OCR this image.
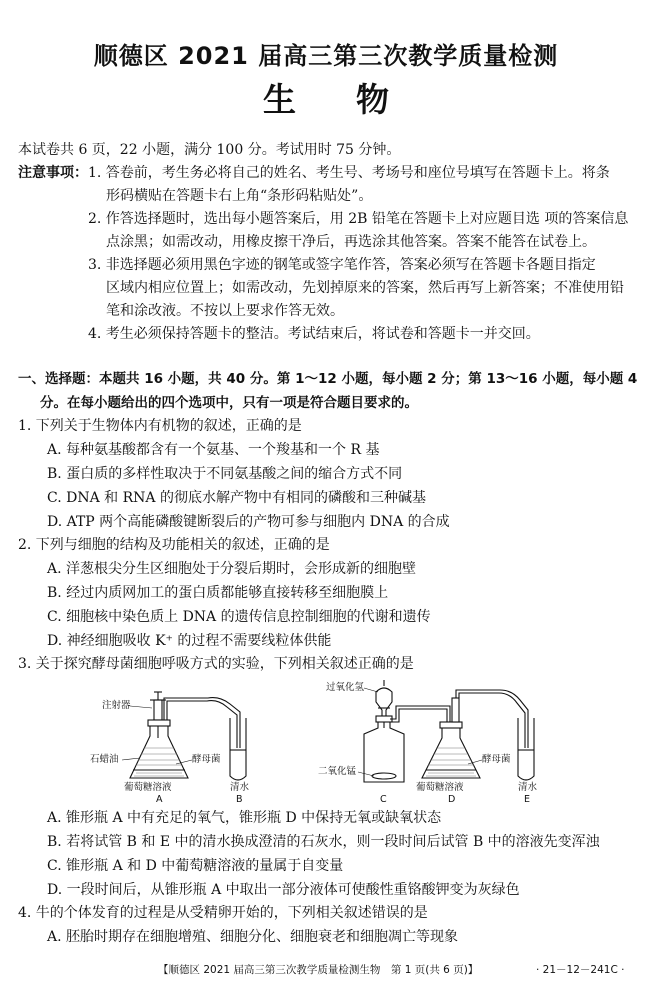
顺德区 2021 届高三第三次教学质量检测
生物
本试卷共 6 页，22 小题，满分 100 分。考试用时 75 分钟。
注意事项： 1. 答卷前，考生务必将自己的姓名、考生号、考场号和座位号填写在答题卡上。将条
形码横贴在答题卡右上角“条形码粘贴处”。
2. 作答选择题时，选出每小题答案后，用 2B 铅笔在答题卡上对应题目选 项的答案信息
点涂黑；如需改动，用橡皮擦干净后，再选涂其他答案。答案不能答在试卷上。
3. 非选择题必须用黑色字迹的钢笔或签字笔作答，答案必须写在答题卡各题目指定
区域内相应位置上；如需改动，先划掉原来的答案，然后再写上新答案；不准使用铅
笔和涂改液。不按以上要求作答无效。
4. 考生必须保持答题卡的整洁。考试结束后，将试卷和答题卡一并交回。
一、选择题：本题共 16 小题，共 40 分。第 1～12 小题，每小题 2 分；第 13～16 小题，每小题 4
分。在每小题给出的四个选项中，只有一项是符合题目要求的。
1. 下列关于生物体内有机物的叙述，正确的是
A. 每种氨基酸都含有一个氨基、一个羧基和一个 R 基
B. 蛋白质的多样性取决于不同氨基酸之间的缩合方式不同
C. DNA 和 RNA 的彻底水解产物中有相同的磷酸和三种碱基
D. ATP 两个高能磷酸键断裂后的产物可参与细胞内 DNA 的合成
2. 下列与细胞的结构及功能相关的叙述，正确的是
A. 洋葱根尖分生区细胞处于分裂后期时，会形成新的细胞壁
B. 经过内质网加工的蛋白质都能够直接转移至细胞膜上
C. 细胞核中染色质上 DNA 的遗传信息控制细胞的代谢和遗传
D. 神经细胞吸收 K⁺ 的过程不需要线粒体供能
3. 关于探究酵母菌细胞呼吸方式的实验，下列相关叙述正确的是
注射器
石蜡油	酵母菌
葡萄糖溶液	清水
A	B
过氧化氢
二氧化锰
酵母菌
葡萄糖溶液	清水
C	D	E
A. 锥形瓶 A 中有充足的氧气，锥形瓶 D 中保持无氧或缺氧状态
B. 若将试管 B 和 E 中的清水换成澄清的石灰水，则一段时间后试管 B 中的溶液先变浑浊
C. 锥形瓶 A 和 D 中葡萄糖溶液的量属于自变量
D. 一段时间后，从锥形瓶 A 中取出一部分液体可使酸性重铬酸钾变为灰绿色
4. 牛的个体发育的过程是从受精卵开始的，下列相关叙述错误的是
A. 胚胎时期存在细胞增殖、细胞分化、细胞衰老和细胞凋亡等现象
【顺德区 2021 届高三第三次教学质量检测生物　第 1 页(共 6 页)】	· 21－12－241C ·
